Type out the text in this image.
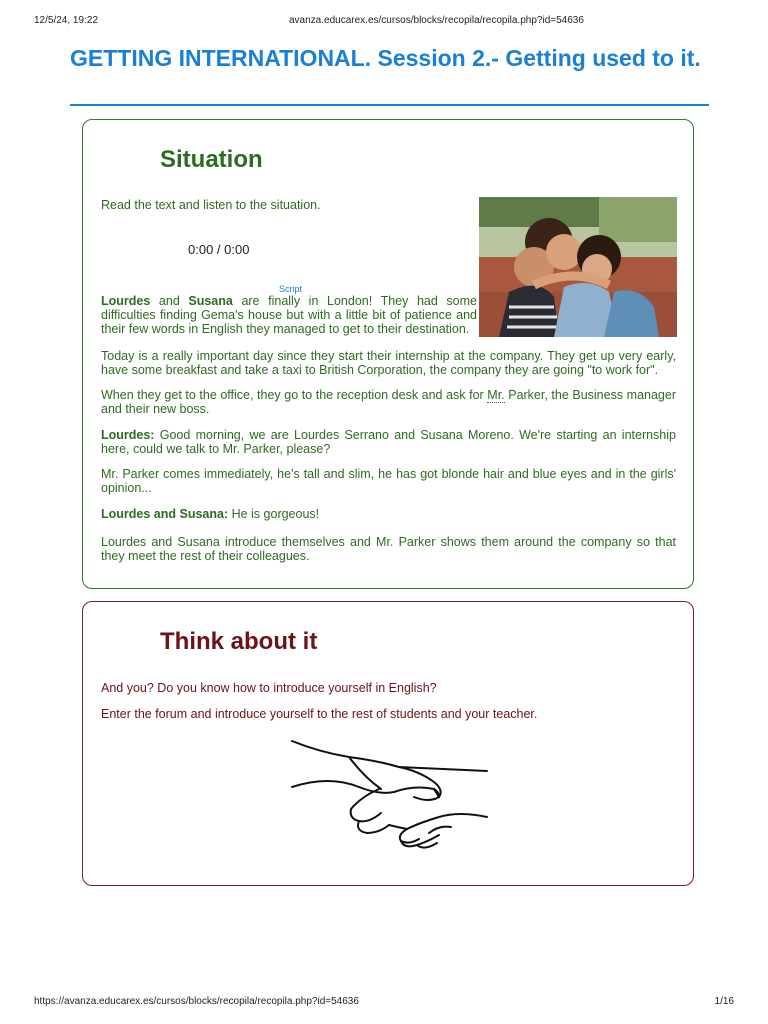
12/5/24, 19:22	avanza.educarex.es/cursos/blocks/recopila/recopila.php?id=54636
GETTING INTERNATIONAL. Session 2.- Getting used to it.
Situation
Read the text and listen to the situation.
0:00 / 0:00
Script

Lourdes and Susana are finally in London! They had some difficulties finding Gema's house but with a little bit of patience and their few words in English they managed to get to their destination.

Today is a really important day since they start their internship at the company. They get up very early, have some breakfast and take a taxi to British Corporation, the company they are going "to work for".

When they get to the office, they go to the reception desk and ask for Mr. Parker, the Business manager and their new boss.

Lourdes: Good morning, we are Lourdes Serrano and Susana Moreno. We're starting an internship here, could we talk to Mr. Parker, please?

Mr. Parker comes immediately, he's tall and slim, he has got blonde hair and blue eyes and in the girls' opinion...

Lourdes and Susana: He is gorgeous!

Lourdes and Susana introduce themselves and Mr. Parker shows them around the company so that they meet the rest of their colleagues.

Think about it
And you? Do you know how to introduce yourself in English?
Enter the forum and introduce yourself to the rest of students and your teacher.
https://avanza.educarex.es/cursos/blocks/recopila/recopila.php?id=54636	1/16
